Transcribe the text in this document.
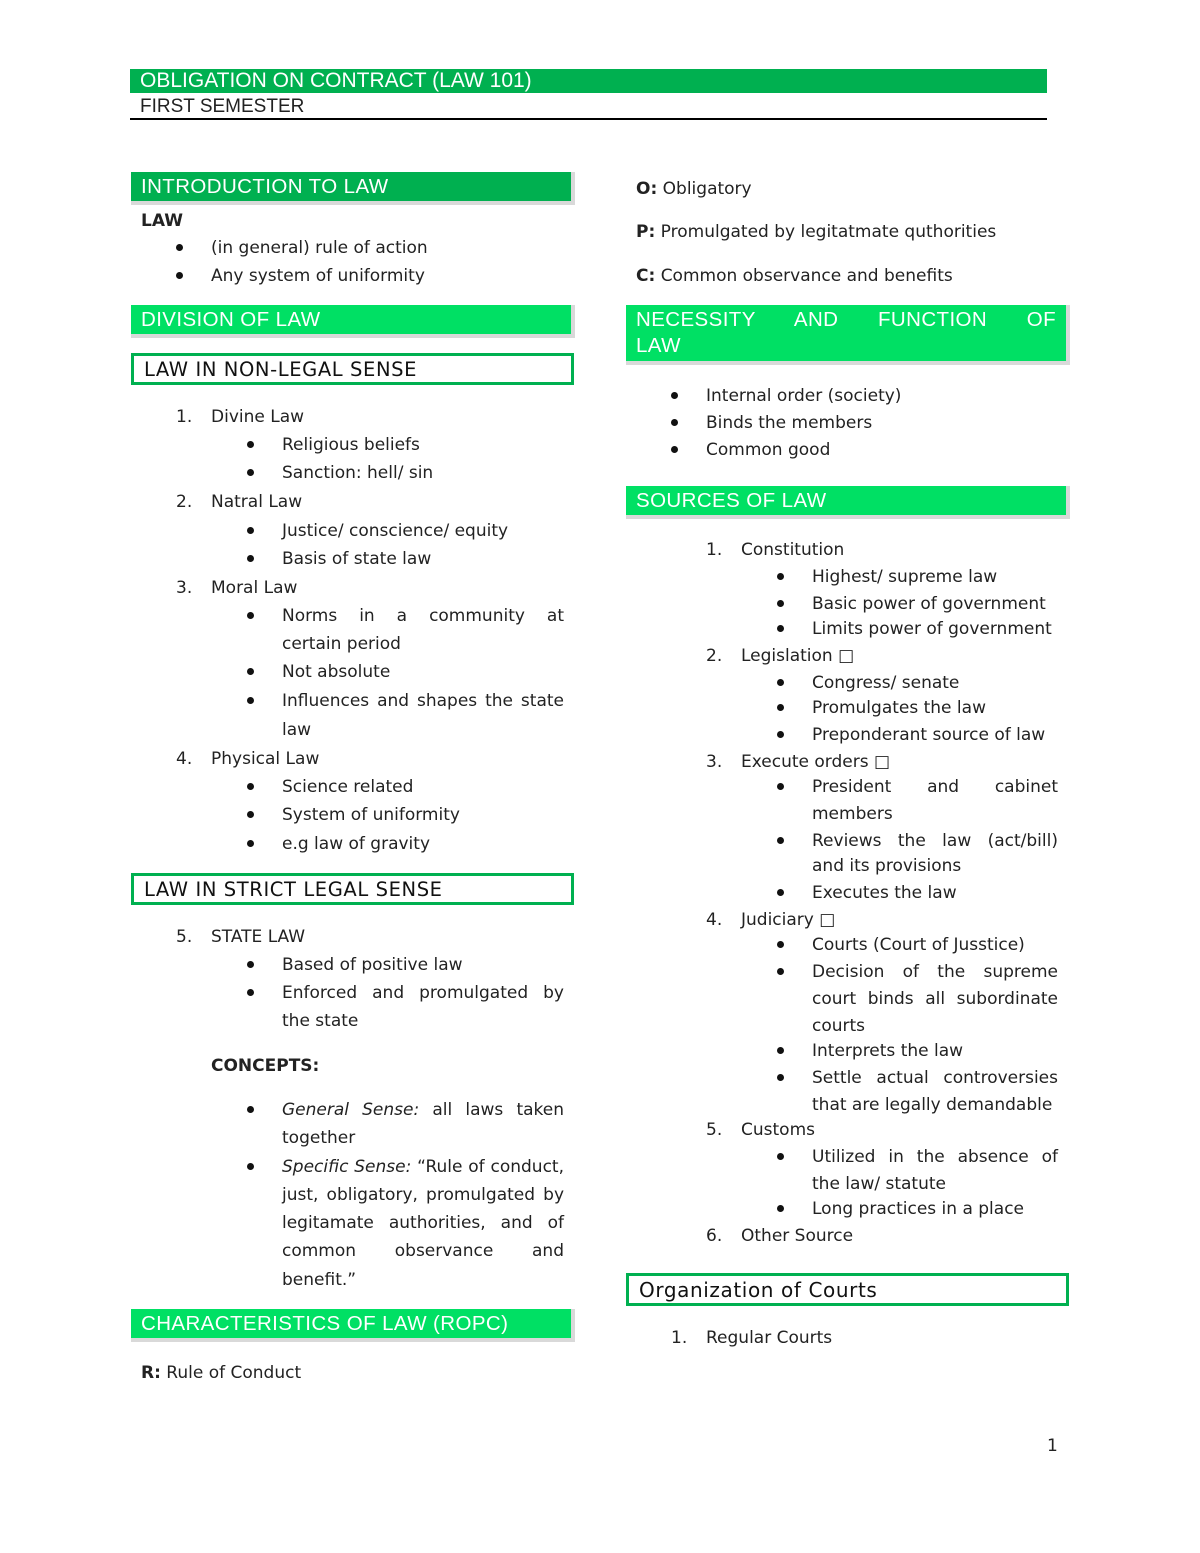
OBLIGATION ON CONTRACT (LAW 101)
FIRST SEMESTER
INTRODUCTION TO LAW
LAW
(in general) rule of action
Any system of uniformity
DIVISION OF LAW
LAW IN NON-LEGAL SENSE
1. Divine Law
Religious beliefs
Sanction: hell/ sin
2. Natral Law
Justice/ conscience/ equity
Basis of state law
3. Moral Law
Norms in a community at
certain period
Not absolute
Influences and shapes the state
law
4. Physical Law
Science related
System of uniformity
e.g law of gravity
LAW IN STRICT LEGAL SENSE
5. STATE LAW
Based of positive law
Enforced and promulgated by
the state
CONCEPTS:
General Sense: all laws taken
together
Specific Sense: “Rule of conduct,
just, obligatory, promulgated by
legitamate authorities, and of
common observance and
benefit.”
CHARACTERISTICS OF LAW (ROPC)
R: Rule of Conduct
O: Obligatory
P: Promulgated by legitatmate quthorities
C: Common observance and benefits
NECESSITY AND FUNCTION OF
LAW
Internal order (society)
Binds the members
Common good
SOURCES OF LAW
1. Constitution
Highest/ supreme law
Basic power of government
Limits power of government
2. Legislation □
Congress/ senate
Promulgates the law
Preponderant source of law
3. Execute orders □
President and cabinet
members
Reviews the law (act/bill)
and its provisions
Executes the law
4. Judiciary □
Courts (Court of Jusstice)
Decision of the supreme
court binds all subordinate
courts
Interprets the law
Settle actual controversies
that are legally demandable
5. Customs
Utilized in the absence of
the law/ statute
Long practices in a place
6. Other Source
Organization of Courts
1. Regular Courts
1
